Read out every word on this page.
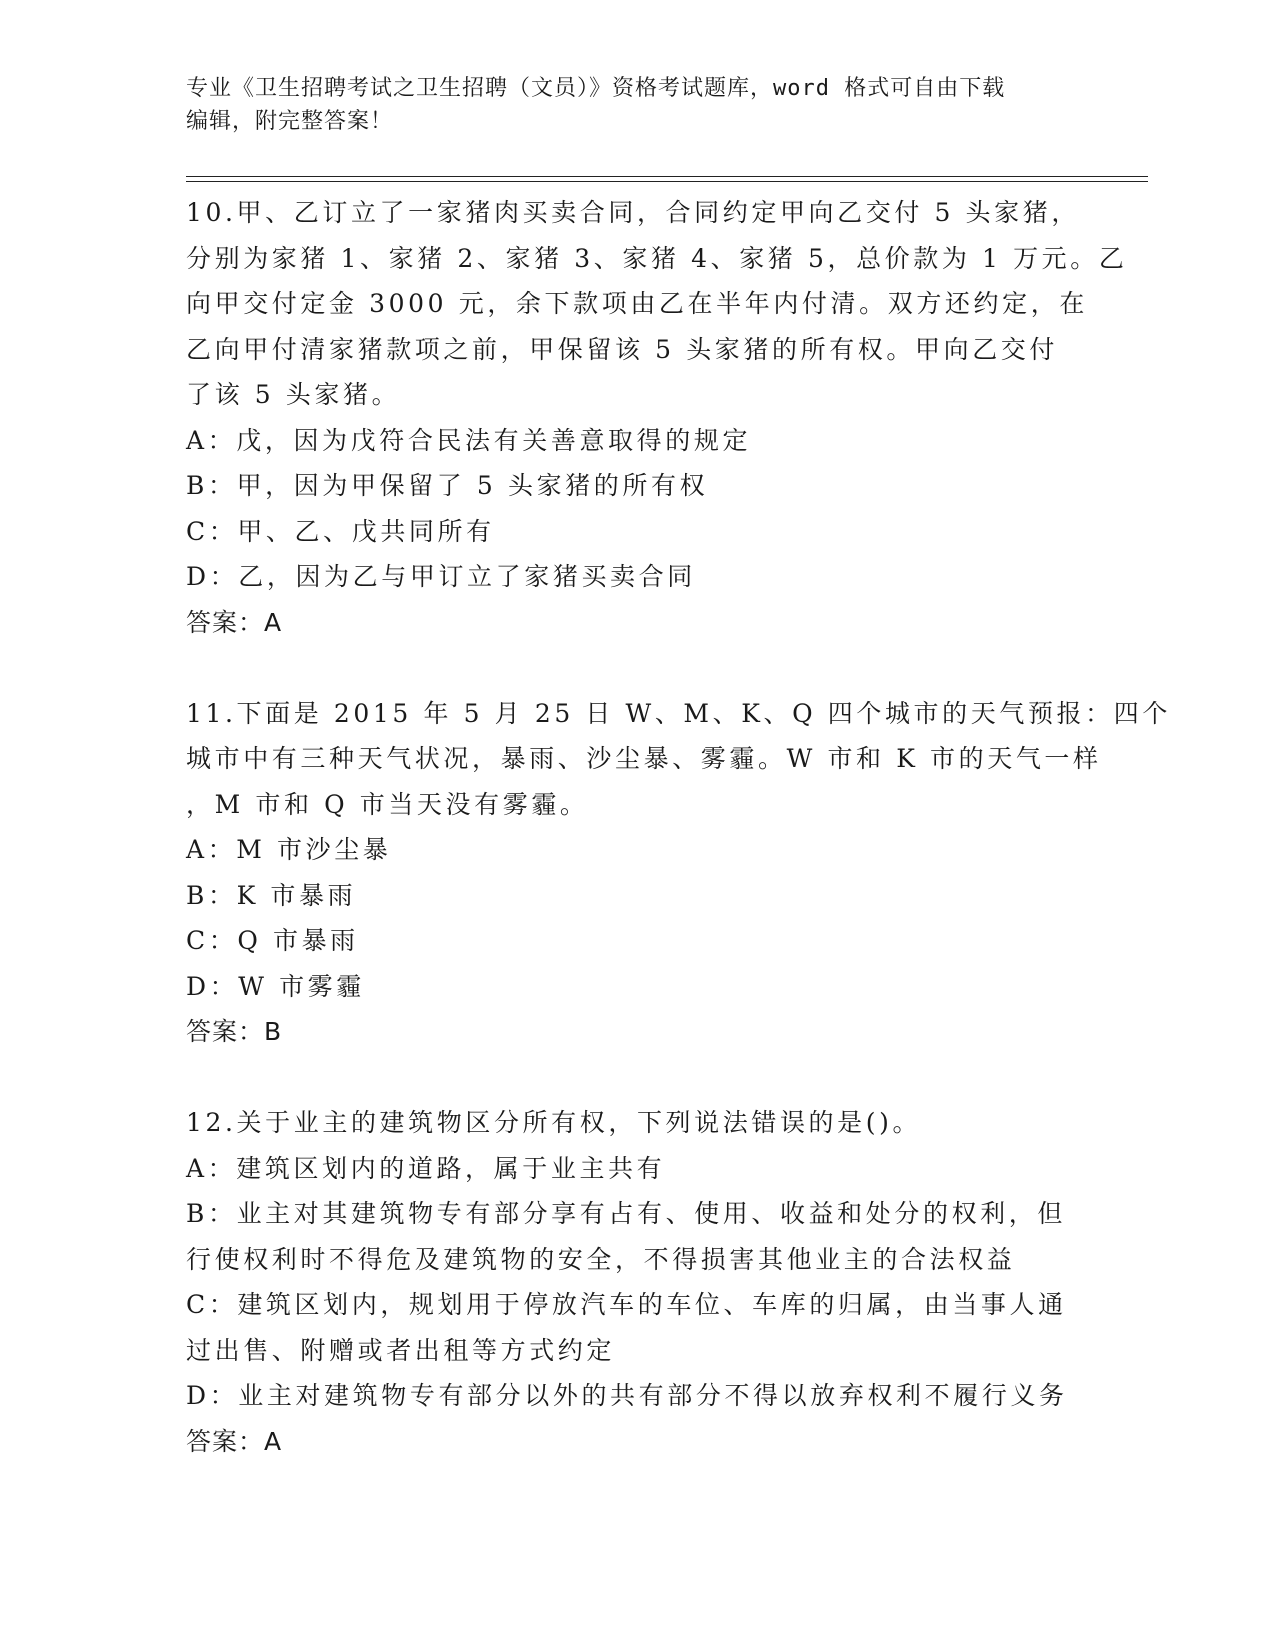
专业《卫生招聘考试之卫生招聘（文员）》资格考试题库，word 格式可自由下载
编辑，附完整答案！
10.甲、乙订立了一家猪肉买卖合同，合同约定甲向乙交付 5 头家猪，
分别为家猪 1、家猪 2、家猪 3、家猪 4、家猪 5，总价款为 1 万元。乙
向甲交付定金 3000 元，余下款项由乙在半年内付清。双方还约定，在
乙向甲付清家猪款项之前，甲保留该 5 头家猪的所有权。甲向乙交付
了该 5 头家猪。
A：戊，因为戊符合民法有关善意取得的规定
B：甲，因为甲保留了 5 头家猪的所有权
C：甲、乙、戊共同所有
D：乙，因为乙与甲订立了家猪买卖合同
答案：A
11.下面是 2015 年 5 月 25 日 W、M、K、Q 四个城市的天气预报：四个
城市中有三种天气状况，暴雨、沙尘暴、雾霾。W 市和 K 市的天气一样
，M 市和 Q 市当天没有雾霾。
A：M 市沙尘暴
B：K 市暴雨
C：Q 市暴雨
D：W 市雾霾
答案：B
12.关于业主的建筑物区分所有权，下列说法错误的是()。
A：建筑区划内的道路，属于业主共有
B：业主对其建筑物专有部分享有占有、使用、收益和处分的权利，但
行使权利时不得危及建筑物的安全，不得损害其他业主的合法权益
C：建筑区划内，规划用于停放汽车的车位、车库的归属，由当事人通
过出售、附赠或者出租等方式约定
D：业主对建筑物专有部分以外的共有部分不得以放弃权利不履行义务
答案：A
